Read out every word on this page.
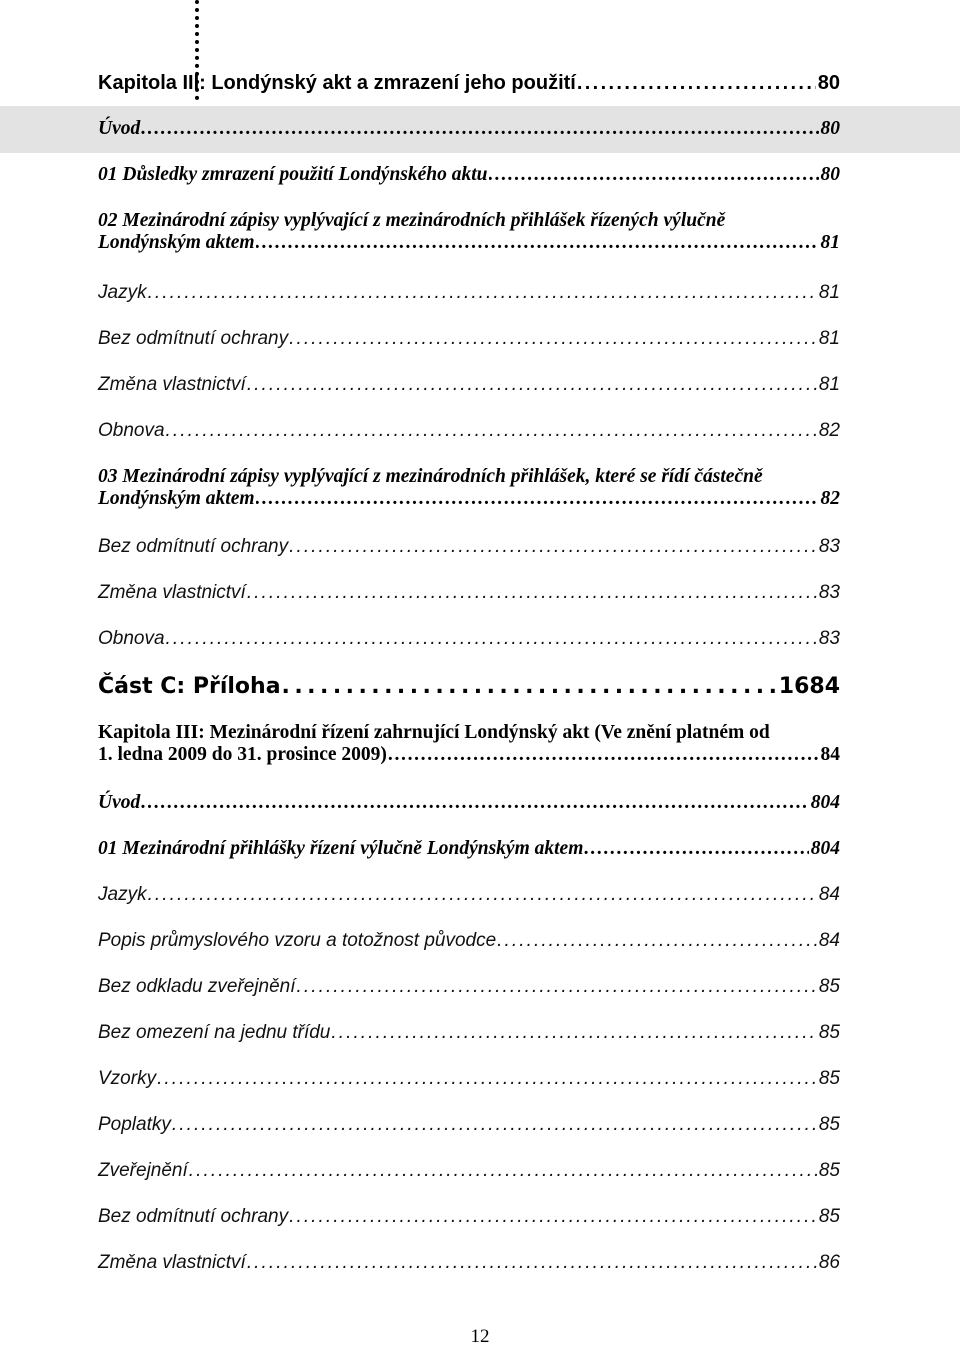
Kapitola III: Londýnský akt a zmrazení jeho použití . . .	80
Úvod . . .	80
01 Důsledky zmrazení použití Londýnského aktu . . .	80
02 Mezinárodní zápisy vyplývající z mezinárodních přihlášek řízených výlučně
Londýnským aktem . . .	81
Jazyk . . .	81
Bez odmítnutí ochrany . . .	81
Změna vlastnictví . . .	81
Obnova . . .	82
03 Mezinárodní zápisy vyplývající z mezinárodních přihlášek, které se řídí částečně
Londýnským aktem . . .	82
Bez odmítnutí ochrany . . .	83
Změna vlastnictví . . .	83
Obnova . . .	83
Část C: Příloha . . .	1684
Kapitola III: Mezinárodní řízení zahrnující Londýnský akt (Ve znění platném od
1. ledna 2009 do 31. prosince 2009) . . .	84
Úvod . . .	804
01 Mezinárodní přihlášky řízení výlučně Londýnským aktem . . .	804
Jazyk . . .	84
Popis průmyslového vzoru a totožnost původce . . .	84
Bez odkladu zveřejnění . . .	85
Bez omezení na jednu třídu . . .	85
Vzorky . . .	85
Poplatky . . .	85
Zveřejnění . . .	85
Bez odmítnutí ochrany . . .	85
Změna vlastnictví . . .	86
12
